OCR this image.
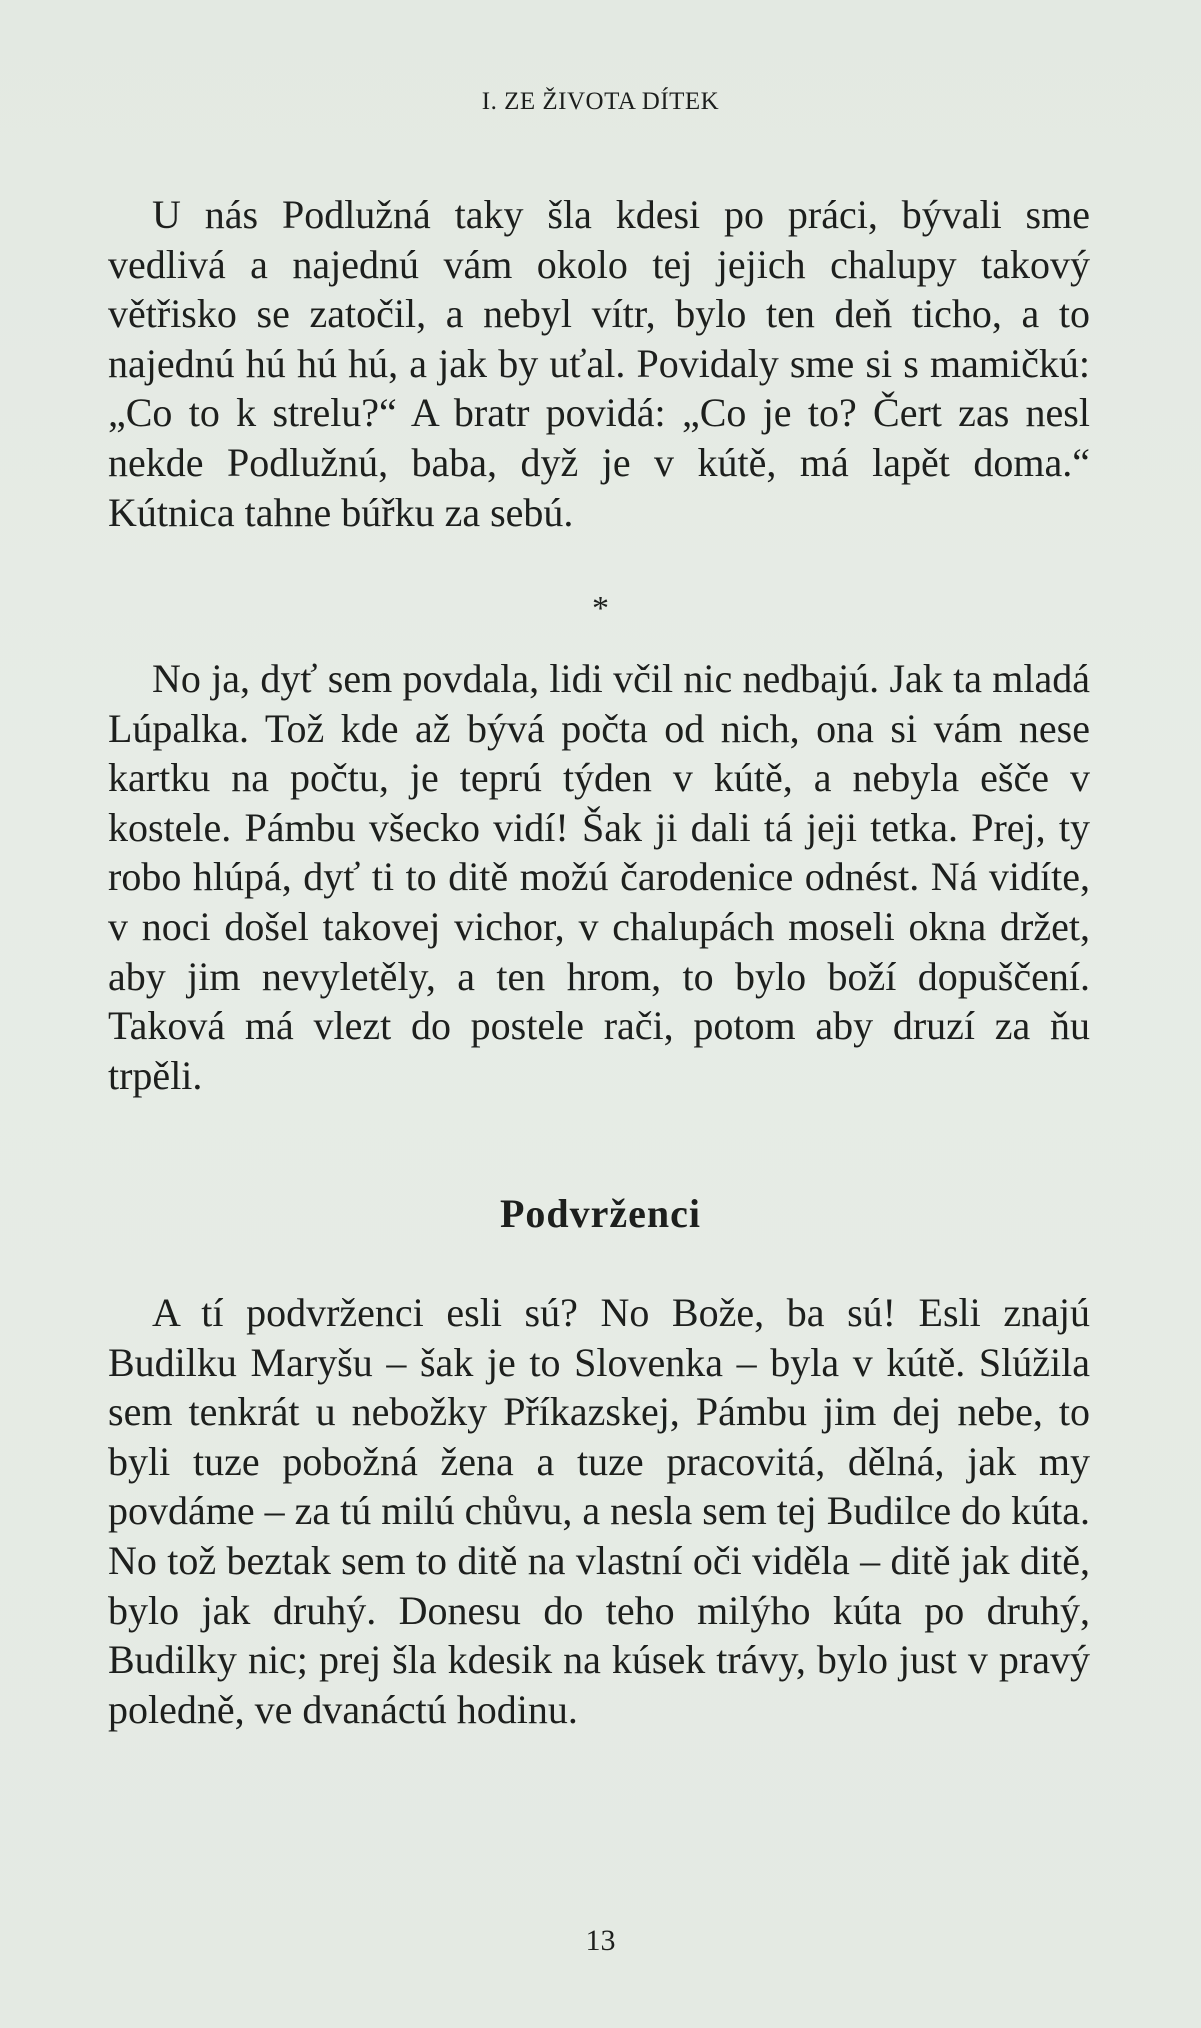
I. ZE ŽIVOTA DÍTEK

U nás Podlužná taky šla kdesi po práci, bývali sme vedlivá a najednú vám okolo tej jejich chalupy takový větřisko se zatočil, a nebyl vítr, bylo ten deň ticho, a to najednú hú hú hú, a jak by uťal. Povidaly sme si s mamičkú: „Co to k strelu?“ A bratr povidá: „Co je to? Čert zas nesl nekde Podlužnú, baba, dyž je v kútě, má lapět doma.“ Kútnica tahne búřku za sebú.

*

No ja, dyť sem povdala, lidi včil nic nedbajú. Jak ta mladá Lúpalka. Tož kde až bývá počta od nich, ona si vám nese kartku na počtu, je teprú týden v kútě, a nebyla ešče v kostele. Pámbu všecko vidí! Šak ji dali tá jeji tetka. Prej, ty robo hlúpá, dyť ti to ditě možú čarodenice odnést. Ná vidíte, v noci došel takovej vichor, v chalupách moseli okna držet, aby jim nevyletěly, a ten hrom, to bylo boží dopuščení. Taková má vlezt do postele rači, potom aby druzí za ňu trpěli.

Podvrženci

A tí podvrženci esli sú? No Bože, ba sú! Esli znajú Budilku Maryšu – šak je to Slovenka – byla v kútě. Slúžila sem tenkrát u nebožky Příkazskej, Pámbu jim dej nebe, to byli tuze pobožná žena a tuze pracovitá, dělná, jak my povdáme – za tú milú chůvu, a nesla sem tej Budilce do kúta. No tož beztak sem to ditě na vlastní oči viděla – ditě jak ditě, bylo jak druhý. Donesu do teho milýho kúta po druhý, Budilky nic; prej šla kdesik na kúsek trávy, bylo just v pravý poledně, ve dvanáctú hodinu.

13
